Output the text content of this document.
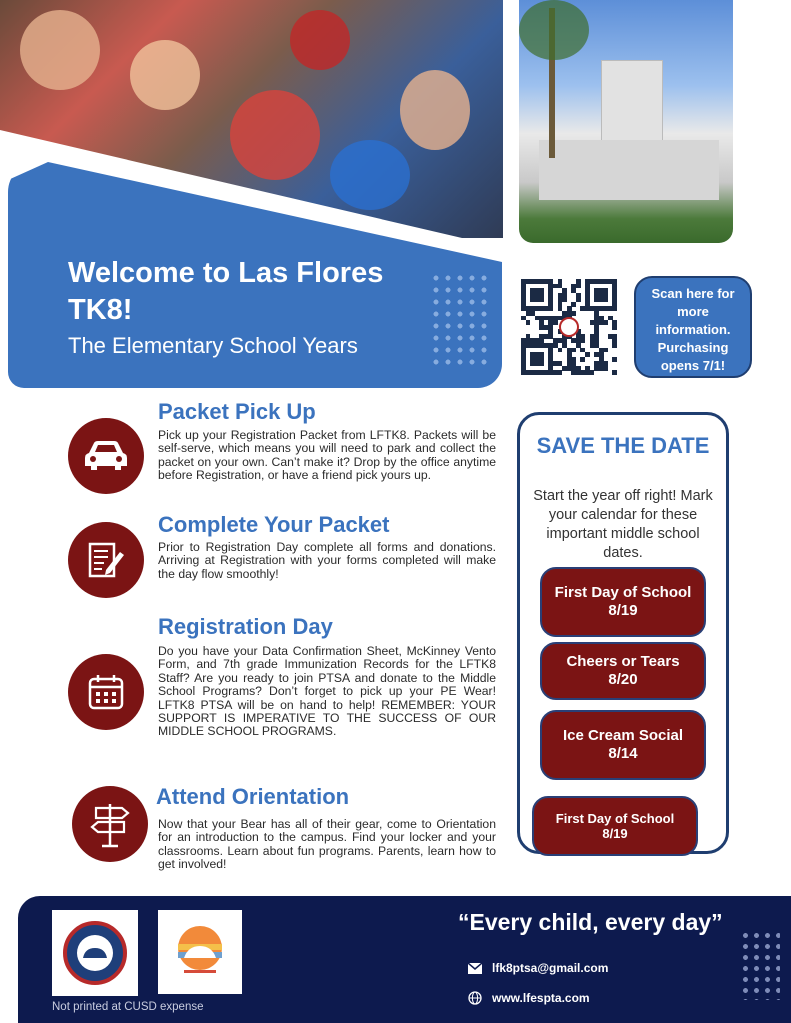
Welcome to Las Flores TK8!
The Elementary School Years
Scan here for more information. Purchasing opens 7/1!
Packet Pick Up
Pick up your Registration Packet from LFTK8. Packets will be self-serve, which means you will need to park and collect the packet on your own. Can’t make it? Drop by the office anytime before Registration, or have a friend pick yours up.
Complete Your Packet
Prior to Registration Day complete all forms and donations. Arriving at Registration with your forms completed will make the day flow smoothly!
Registration Day
Do you have your Data Confirmation Sheet, McKinney Vento Form, and 7th grade Immunization Records for the LFTK8 Staff? Are you ready to join PTSA and donate to the Middle School Programs? Don’t forget to pick up your PE Wear! LFTK8 PTSA will be on hand to help! REMEMBER: YOUR SUPPORT IS IMPERATIVE TO THE SUCCESS OF OUR MIDDLE SCHOOL PROGRAMS.
Attend Orientation
Now that your Bear has all of their gear, come to Orientation for an introduction to the campus. Find your locker and your classrooms. Learn about fun programs. Parents, learn how to get involved!
SAVE THE DATE
Start the year off right! Mark your calendar for these important middle school dates.
First Day of School
8/19
Cheers or Tears
8/20
Ice Cream Social
8/14
First Day of School
8/19
“Every child, every day”
lfk8ptsa@gmail.com
www.lfespta.com
Not printed at CUSD expense
